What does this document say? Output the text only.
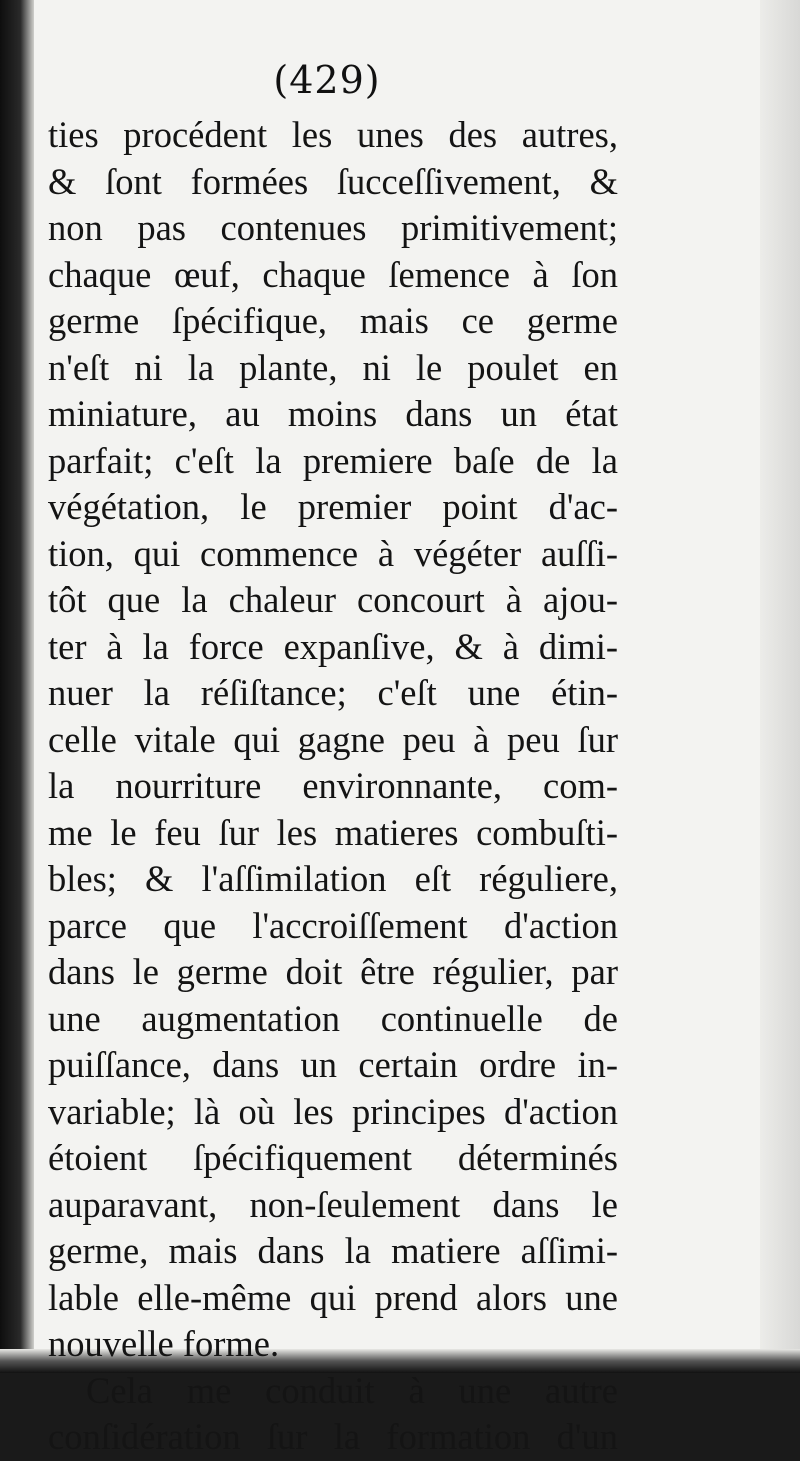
(429)
ties procédent les unes des autres,
& ſont formées ſucceſſivement, &
non pas contenues primitivement;
chaque œuf, chaque ſemence à ſon
germe ſpécifique, mais ce germe
n'eſt ni la plante, ni le poulet en
miniature, au moins dans un état
parfait; c'eſt la premiere baſe de la
végétation, le premier point d'ac-
tion, qui commence à végéter auſſi-
tôt que la chaleur concourt à ajou-
ter à la force expanſive, & à dimi-
nuer la réſiſtance; c'eſt une étin-
celle vitale qui gagne peu à peu ſur
la nourriture environnante, com-
me le feu ſur les matieres combuſti-
bles; & l'aſſimilation eſt réguliere,
parce que l'accroiſſement d'action
dans le germe doit être régulier, par
une augmentation continuelle de
puiſſance, dans un certain ordre in-
variable; là où les principes d'action
étoient ſpécifiquement déterminés
auparavant, non-ſeulement dans le
germe, mais dans la matiere aſſimi-
lable elle-même qui prend alors une
nouvelle forme.
Cela me conduit à une autre
conſidération ſur la formation d'un
